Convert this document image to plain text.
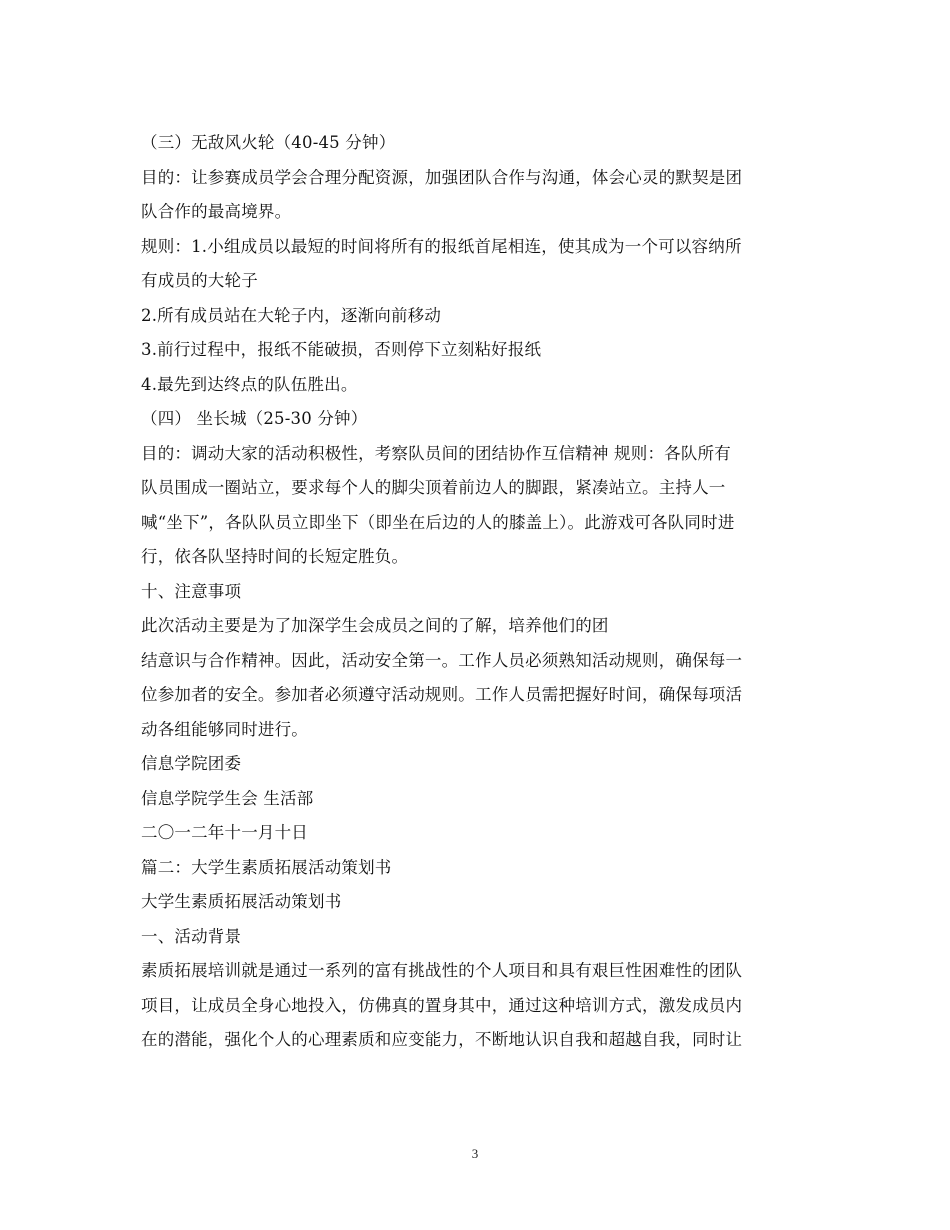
（三）无敌风火轮（40-45 分钟）
目的：让参赛成员学会合理分配资源，加强团队合作与沟通，体会心灵的默契是团
队合作的最高境界。
规则：1.小组成员以最短的时间将所有的报纸首尾相连，使其成为一个可以容纳所
有成员的大轮子
2.所有成员站在大轮子内，逐渐向前移动
3.前行过程中，报纸不能破损，否则停下立刻粘好报纸
4.最先到达终点的队伍胜出。
（四） 坐长城（25-30 分钟）
目的：调动大家的活动积极性，考察队员间的团结协作互信精神 规则：各队所有
队员围成一圈站立，要求每个人的脚尖顶着前边人的脚跟，紧凑站立。主持人一
喊“坐下”，各队队员立即坐下（即坐在后边的人的膝盖上）。此游戏可各队同时进
行，依各队坚持时间的长短定胜负。
十、注意事项
此次活动主要是为了加深学生会成员之间的了解，培养他们的团
结意识与合作精神。因此，活动安全第一。工作人员必须熟知活动规则，确保每一
位参加者的安全。参加者必须遵守活动规则。工作人员需把握好时间，确保每项活
动各组能够同时进行。
信息学院团委
信息学院学生会 生活部
二〇一二年十一月十日
篇二：大学生素质拓展活动策划书
大学生素质拓展活动策划书
一、活动背景
素质拓展培训就是通过一系列的富有挑战性的个人项目和具有艰巨性困难性的团队
项目，让成员全身心地投入，仿佛真的置身其中，通过这种培训方式，激发成员内
在的潜能，强化个人的心理素质和应变能力，不断地认识自我和超越自我，同时让
3
